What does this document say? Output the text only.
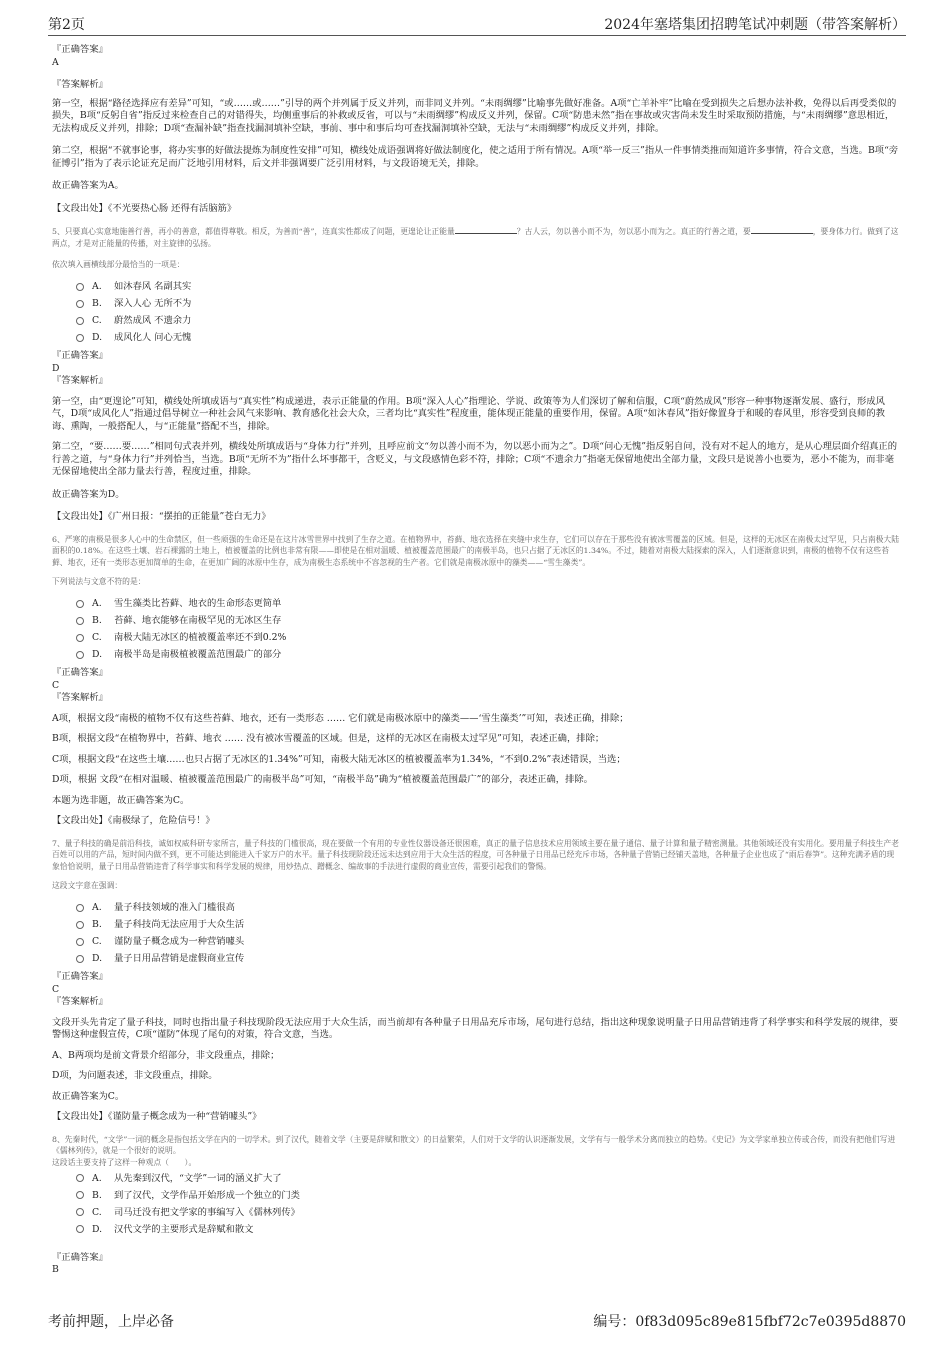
第2页	2024年塞塔集团招聘笔试冲刺题（带答案解析）
『正确答案』
A
『答案解析』
第一空，根据“路径选择应有差异”可知，“或……或……”引导的两个并列属于反义并列，而非同义并列。“未雨绸缪”比喻事先做好准备。A项“亡羊补牢”比喻在受到损失之后想办法补救，免得以后再受类似的损失，B项“反躬自省”指反过来检查自己的对错得失，均侧重事后的补救或反省，可以与“未雨绸缪”构成反义并列，保留。C项“防患未然”指在事故或灾害尚未发生时采取预防措施，与“未雨绸缪”意思相近，无法构成反义并列，排除；D项“查漏补缺”指查找漏洞填补空缺，事前、事中和事后均可查找漏洞填补空缺，无法与“未雨绸缪”构成反义并列，排除。
第二空，根据“不就事论事，将办实事的好做法提炼为制度性安排”可知，横线处成语强调将好做法制度化，使之适用于所有情况。A项“举一反三”指从一件事情类推而知道许多事情，符合文意，当选。B项“旁征博引”指为了表示论证充足而广泛地引用材料，后文并非强调要广泛引用材料，与文段语境无关，排除。
故正确答案为A。
【文段出处】《不光要热心肠 还得有活脑筋》
5、只要真心实意地施善行善，再小的善意，都值得尊敬。相反，为善而“善”，连真实性都成了问题，更遑论让正能量	？古人云，勿以善小而不为，勿以恶小而为之。真正的行善之道，要	，要身体力行。做到了这两点，才是对正能量的传播，对主旋律的弘扬。
依次填入画横线部分最恰当的一项是：
A.	如沐春风 名副其实
B.	深入人心 无所不为
C.	蔚然成风 不遗余力
D.	成风化人 问心无愧
『正确答案』
D
『答案解析』
第一空，由“更遑论”可知，横线处所填成语与“真实性”构成递进，表示正能量的作用。B项“深入人心”指理论、学说、政策等为人们深切了解和信服，C项“蔚然成风”形容一种事物逐渐发展、盛行，形成风气，D项“成风化人”指通过倡导树立一种社会风气来影响、教育感化社会大众，三者均比“真实性”程度重，能体现正能量的重要作用，保留。A项“如沐春风”指好像置身于和暖的春风里，形容受到良师的教诲、熏陶，一般搭配人，与“正能量”搭配不当，排除。
第二空，“要……要……”相同句式表并列，横线处所填成语与“身体力行”并列，且呼应前文“勿以善小而不为，勿以恶小而为之”。D项“问心无愧”指反躬自问，没有对不起人的地方，是从心理层面介绍真正的行善之道，与“身体力行”并列恰当，当选。B项“无所不为”指什么坏事都干，含贬义，与文段感情色彩不符，排除；C项“不遗余力”指毫无保留地使出全部力量，文段只是说善小也要为，恶小不能为，而非毫无保留地使出全部力量去行善，程度过重，排除。
故正确答案为D。
【文段出处】《广州日报：“摆拍的正能量”苍白无力》
6、严寒的南极是很多人心中的生命禁区，但一些顽强的生命还是在这片冰雪世界中找到了生存之道。在植物界中，苔藓、地衣选择在夹缝中求生存，它们可以存在于那些没有被冰雪覆盖的区域。但是，这样的无冰区在南极太过罕见，只占南极大陆面积的0.18%。在这些土壤、岩石裸露的土地上，植被覆盖的比例也非常有限——即使是在相对温暖、植被覆盖范围最广的南极半岛，也只占据了无冰区的1.34%。不过，随着对南极大陆探索的深入，人们逐渐意识到，南极的植物不仅有这些苔藓、地衣，还有一类形态更加简单的生命，在更加广阔的冰原中生存，成为南极生态系统中不容忽视的生产者。它们就是南极冰原中的藻类——“雪生藻类”。
下列说法与文意不符的是：
A.	雪生藻类比苔藓、地衣的生命形态更简单
B.	苔藓、地衣能够在南极罕见的无冰区生存
C.	南极大陆无冰区的植被覆盖率还不到0.2%
D.	南极半岛是南极植被覆盖范围最广的部分
『正确答案』
C
『答案解析』
A项，根据文段“南极的植物不仅有这些苔藓、地衣，还有一类形态 …… 它们就是南极冰原中的藻类——‘雪生藻类’”可知，表述正确，排除；
B项，根据文段“在植物界中，苔藓、地衣 …… 没有被冰雪覆盖的区域。但是，这样的无冰区在南极太过罕见”可知，表述正确，排除；
C项，根据文段“在这些土壤……也只占据了无冰区的1.34%”可知，南极大陆无冰区的植被覆盖率为1.34%，“不到0.2%”表述错误，当选；
D项，根据 文段“在相对温暖、植被覆盖范围最广的南极半岛”可知，“南极半岛”确为“植被覆盖范围最广”的部分，表述正确，排除。
本题为选非题，故正确答案为C。
【文段出处】《南极绿了，危险信号！》
7、量子科技的确是前沿科技，诚如权威科研专家所言，量子科技的门槛很高，现在要做一个有用的专业性仪器设备还很困难，真正的量子信息技术应用领域主要在量子通信、量子计算和量子精密测量。其他领域还没有实用化。要用量子科技生产老百姓可以用的产品，短时间内做不到，更不可能达到能进入千家万户的水平。量子科技现阶段还远未达到应用于大众生活的程度，可各种量子日用品已经充斥市场，各种量子营销已经铺天盖地，各种量子企业也成了“雨后春笋”。这种充满矛盾的现象恰恰说明，量子日用品营销违背了科学事实和科学发展的规律，用炒热点、蹭概念、编故事的手法进行虚假的商业宣传，需要引起我们的警惕。
这段文字意在强调：
A.	量子科技领域的准入门槛很高
B.	量子科技尚无法应用于大众生活
C.	谨防量子概念成为一种营销噱头
D.	量子日用品营销是虚假商业宣传
『正确答案』
C
『答案解析』
文段开头先肯定了量子科技，同时也指出量子科技现阶段无法应用于大众生活，而当前却有各种量子日用品充斥市场，尾句进行总结，指出这种现象说明量子日用品营销违背了科学事实和科学发展的规律，要警惕这种虚假宣传，C项“谨防”体现了尾句的对策，符合文意，当选。
A、B两项均是前文背景介绍部分，非文段重点，排除；
D项，为问题表述，非文段重点，排除。
故正确答案为C。
【文段出处】《谨防量子概念成为一种“营销噱头”》
8、先秦时代，“文学”一词的概念是指包括文学在内的一切学术。到了汉代，随着文学（主要是辞赋和散文）的日益繁荣，人们对于文学的认识逐渐发展，文学有与一般学术分离而独立的趋势。《史记》为文学家单独立传或合传，而没有把他们写进《儒林列传》，就是一个很好的说明。
这段话主要支持了这样一种观点（　　）。
A.	从先秦到汉代，“文学”一词的涵义扩大了
B.	到了汉代，文学作品开始形成一个独立的门类
C.	司马迁没有把文学家的事编写入《儒林列传》
D.	汉代文学的主要形式是辞赋和散文
『正确答案』
B
考前押题，上岸必备	编号：0f83d095c89e815fbf72c7e0395d8870
